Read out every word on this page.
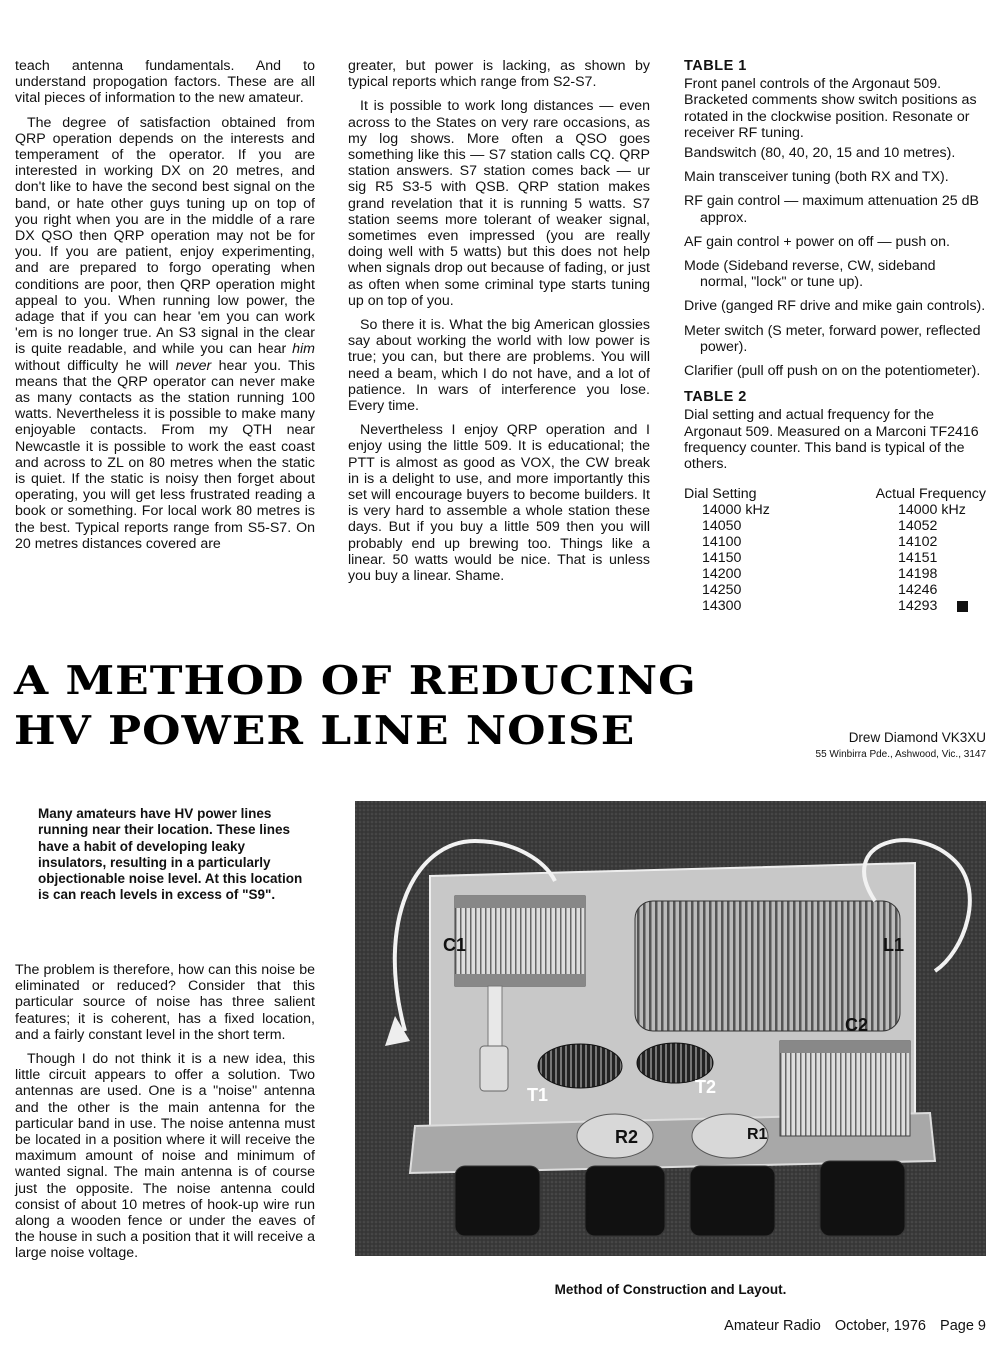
teach antenna fundamentals. And to understand propogation factors. These are all vital pieces of information to the new amateur.

The degree of satisfaction obtained from QRP operation depends on the interests and temperament of the operator. If you are interested in working DX on 20 metres, and don't like to have the second best signal on the band, or hate other guys tuning up on top of you right when you are in the middle of a rare DX QSO then QRP operation may not be for you. If you are patient, enjoy experimenting, and are prepared to forgo operating when conditions are poor, then QRP operation might appeal to you. When running low power, the adage that if you can hear 'em you can work 'em is no longer true. An S3 signal in the clear is quite readable, and while you can hear him without difficulty he will never hear you. This means that the QRP operator can never make as many contacts as the station running 100 watts. Nevertheless it is possible to make many enjoyable contacts. From my QTH near Newcastle it is possible to work the east coast and across to ZL on 80 metres when the static is quiet. If the static is noisy then forget about operating, you will get less frustrated reading a book or something. For local work 80 metres is the best. Typical reports range from S5-S7. On 20 metres distances covered are

greater, but power is lacking, as shown by typical reports which range from S2-S7.

It is possible to work long distances — even across to the States on very rare occasions, as my log shows. More often a QSO goes something like this — S7 station calls CQ. QRP station answers. S7 station comes back — ur sig R5 S3-5 with QSB. QRP station makes grand revelation that it is running 5 watts. S7 station seems more tolerant of weaker signal, sometimes even impressed (you are really doing well with 5 watts) but this does not help when signals drop out because of fading, or just as often when some criminal type starts tuning up on top of you.

So there it is. What the big American glossies say about working the world with low power is true; you can, but there are problems. You will need a beam, which I do not have, and a lot of patience. In wars of interference you lose. Every time.

Nevertheless I enjoy QRP operation and I enjoy using the little 509. It is educational; the PTT is almost as good as VOX, the CW break in is a delight to use, and more importantly this set will encourage buyers to become builders. It is very hard to assemble a whole station these days. But if you buy a little 509 then you will probably end up brewing too. Things like a linear. 50 watts would be nice. That is unless you buy a linear. Shame.

TABLE 1

Front panel controls of the Argonaut 509. Bracketed comments show switch positions as rotated in the clockwise position. Resonate or receiver RF tuning.

Bandswitch (80, 40, 20, 15 and 10 metres).

Main transceiver tuning (both RX and TX).

RF gain control — maximum attenuation 25 dB approx.

AF gain control + power on off — push on.

Mode (Sideband reverse, CW, sideband normal, "lock" or tune up).

Drive (ganged RF drive and mike gain controls).

Meter switch (S meter, forward power, reflected power).

Clarifier (pull off push on on the potentiometer).

TABLE 2

Dial setting and actual frequency for the Argonaut 509. Measured on a Marconi TF2416 frequency counter. This band is typical of the others.

Dial Setting	Actual Frequency
14000 kHz	14000 kHz
14050	14052
14100	14102
14150	14151
14200	14198
14250	14246
14300	14293
A METHOD OF REDUCING
HV POWER LINE NOISE	Drew Diamond VK3XU
55 Winbirra Pde., Ashwood, Vic., 3147
Many amateurs have HV power lines running near their location. These lines have a habit of developing leaky insulators, resulting in a particularly objectionable noise level. At this location is can reach levels in excess of "S9".

The problem is therefore, how can this noise be eliminated or reduced? Consider that this particular source of noise has three salient features; it is coherent, has a fixed location, and a fairly constant level in the short term.

Though I do not think it is a new idea, this little circuit appears to offer a solution. Two antennas are used. One is a "noise" antenna and the other is the main antenna for the particular band in use. The noise antenna must be located in a position where it will receive the maximum amount of noise and minimum of wanted signal. The main antenna is of course just the opposite. The noise antenna could consist of about 10 metres of hook-up wire run along a wooden fence or under the eaves of the house in such a position that it will receive a large noise voltage.

C1	L1
C2
T1	T2
R2	R1
Method of Construction and Layout.
Amateur Radio October, 1976 Page 9
